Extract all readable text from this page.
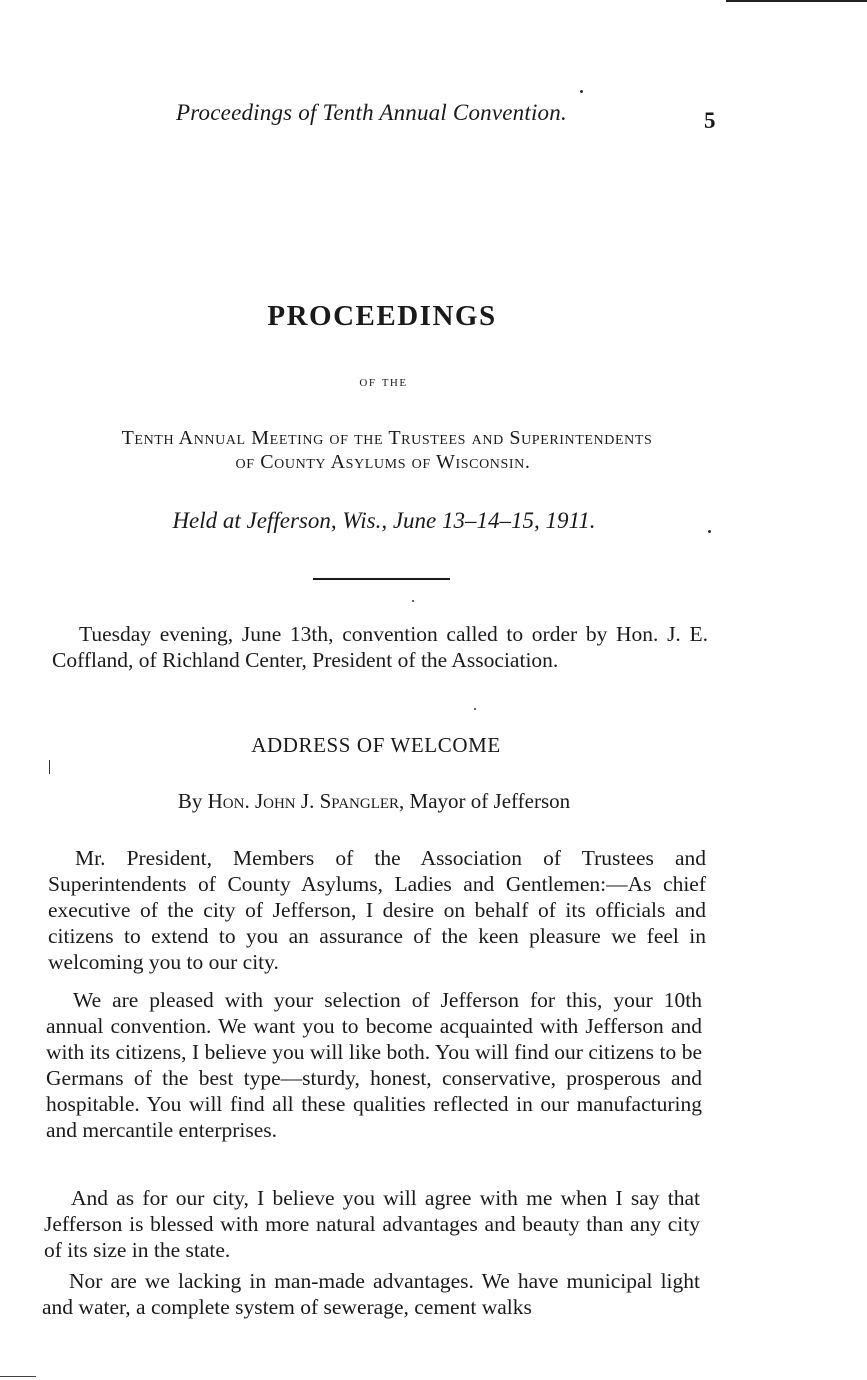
Proceedings of Tenth Annual Convention.	5
PROCEEDINGS
of the
Tenth Annual Meeting of the Trustees and Superintendents
of County Asylums of Wisconsin.
Held at Jefferson, Wis., June 13–14–15, 1911.
Tuesday evening, June 13th, convention called to order by Hon. J. E. Coffland, of Richland Center, President of the Association.
ADDRESS OF WELCOME
By Hon. John J. Spangler, Mayor of Jefferson
Mr. President, Members of the Association of Trustees and Superintendents of County Asylums, Ladies and Gentlemen:—As chief executive of the city of Jefferson, I desire on behalf of its officials and citizens to extend to you an assurance of the keen pleasure we feel in welcoming you to our city.
We are pleased with your selection of Jefferson for this, your 10th annual convention. We want you to become acquainted with Jefferson and with its citizens, I believe you will like both. You will find our citizens to be Germans of the best type—sturdy, honest, conservative, prosperous and hospitable. You will find all these qualities reflected in our manufacturing and mercantile enterprises.
And as for our city, I believe you will agree with me when I say that Jefferson is blessed with more natural advantages and beauty than any city of its size in the state.
Nor are we lacking in man-made advantages. We have municipal light and water, a complete system of sewerage, cement walks
